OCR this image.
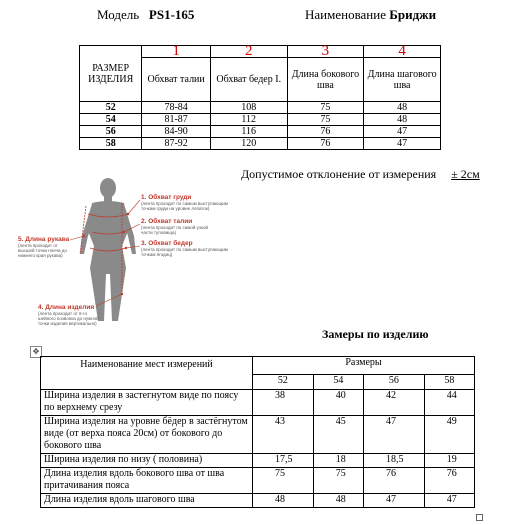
Модель PS1-165	Наименование Бриджи
РАЗМЕР ИЗДЕЛИЯ	1	2	3	4
	Обхват талии	Обхват бедер I.	Длина бокового шва	Длина шагового шва
52	78-84	108	75	48
54	81-87	112	75	48
56	84-90	116	76	47
58	87-92	120	76	47
Допустимое отклонение от измерения ± 2см
1. Обхват груди
(лента проходит по самым выступающим
точкам груди на уровне лопаток)
2. Обхват талии
(лента проходит по самой узкой
части туловища)
3. Обхват бедер
(лента проходит по самым выступающим
точкам ягодиц)
4. Длина изделия
(лента проходит от 6-го
шейного позвонка до нужной
точки изделия вертикально)
5. Длина рукава
(лента проходит от
высшей точки плеча до
нижнего края рукава)
Замеры по изделию
✥
Наименование мест измерений	Размеры			
	52	54	56	58
Ширина изделия в застегнутом виде по поясу по верхнему срезу	38	40	42	44
Ширина изделия на уровне бёдер в застёгнутом виде (от верха пояса 20см) от бокового до бокового шва	43	45	47	49
Ширина изделия по низу ( половина)	17,5	18	18,5	19
Длина изделия вдоль бокового шва от шва притачивания пояса	75	75	76	76
Длина изделия вдоль шагового шва	48	48	47	47
